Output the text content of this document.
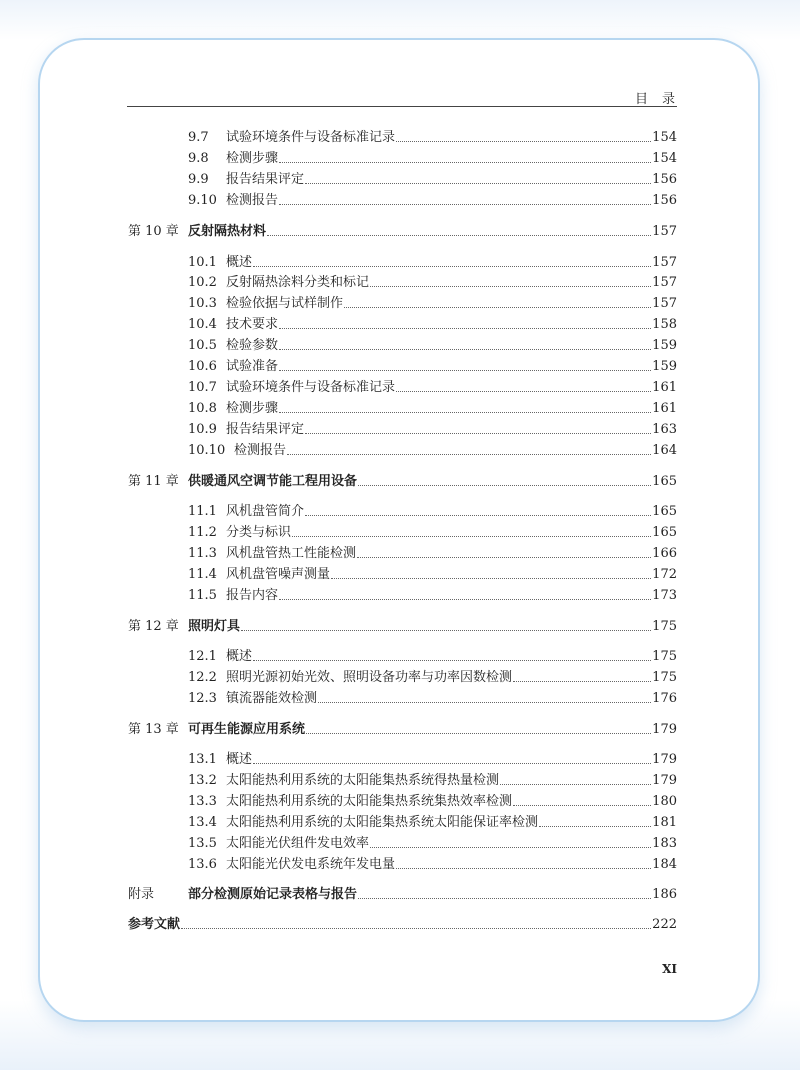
目录
9.7	试验环境条件与设备标准记录	154
9.8	检测步骤	154
9.9	报告结果评定	156
9.10 检测报告	156
第 10 章 反射隔热材料	157
10.1 概述	157
10.2 反射隔热涂料分类和标记	157
10.3 检验依据与试样制作	157
10.4 技术要求	158
10.5 检验参数	159
10.6 试验准备	159
10.7 试验环境条件与设备标准记录	161
10.8 检测步骤	161
10.9 报告结果评定	163
10.10 检测报告	164
第 11 章 供暖通风空调节能工程用设备	165
11.1 风机盘管简介	165
11.2 分类与标识	165
11.3 风机盘管热工性能检测	166
11.4 风机盘管噪声测量	172
11.5 报告内容	173
第 12 章 照明灯具	175
12.1 概述	175
12.2 照明光源初始光效、照明设备功率与功率因数检测	175
12.3 镇流器能效检测	176
第 13 章 可再生能源应用系统	179
13.1 概述	179
13.2 太阳能热利用系统的太阳能集热系统得热量检测	179
13.3 太阳能热利用系统的太阳能集热系统集热效率检测	180
13.4 太阳能热利用系统的太阳能集热系统太阳能保证率检测	181
13.5 太阳能光伏组件发电效率	183
13.6 太阳能光伏发电系统年发电量	184
附录	部分检测原始记录表格与报告	186
参考文献	222
XI
